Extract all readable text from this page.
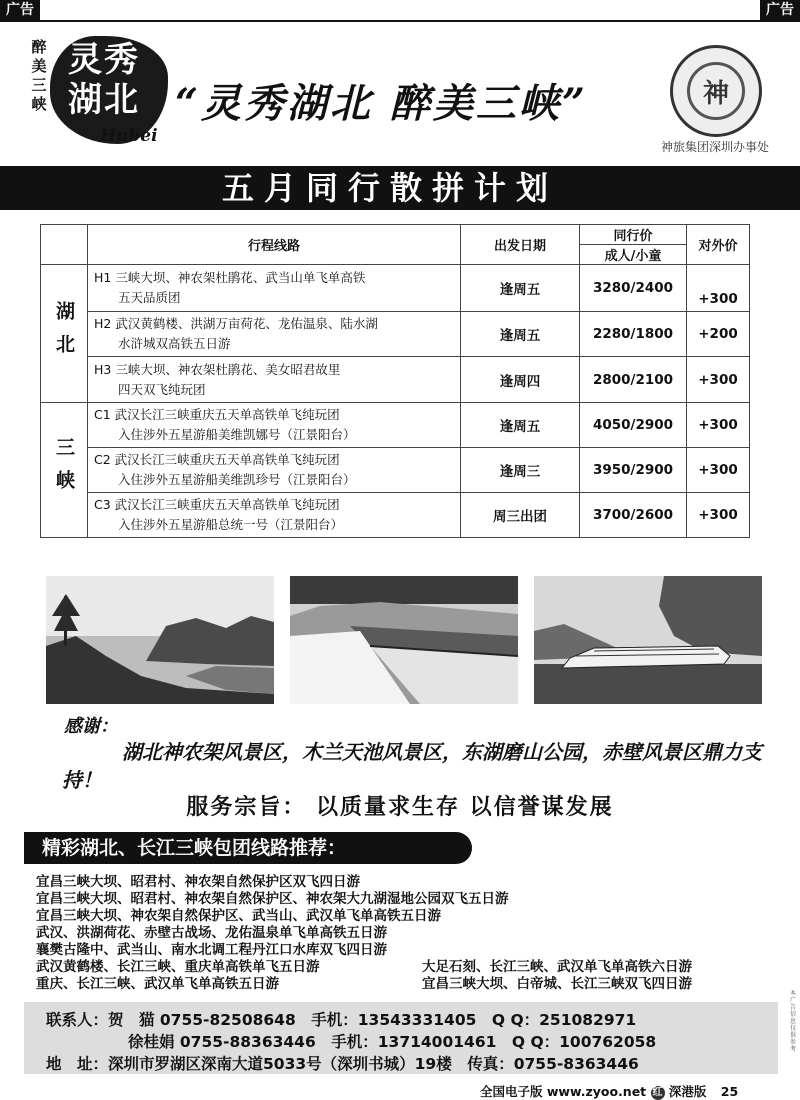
广告	广告
醉
美
三
峡
灵秀
湖北
Hubei
“灵秀湖北 醉美三峡”	神
神旅集团深圳办事处
五月同行散拼计划
	行程线路	出发日期	同行价	对外价
			成人/小童	

湖北	H1 三峡大坝、神农架杜鹃花、武当山单飞单高铁
五天品质团	逢周五	3280/2400	+300
	H2 武汉黄鹤楼、洪湖万亩荷花、龙佑温泉、陆水湖
水浒城双高铁五日游	逢周五	2280/1800	+200
	H3 三峡大坝、神农架杜鹃花、美女昭君故里
四天双飞纯玩团	逢周四	2800/2100	+300

三峡	C1 武汉长江三峡重庆五天单高铁单飞纯玩团
入住涉外五星游船美维凯娜号（江景阳台）	逢周五	4050/2900	+300
	C2 武汉长江三峡重庆五天单高铁单飞纯玩团
入住涉外五星游船美维凯珍号（江景阳台）	逢周三	3950/2900	+300
	C3 武汉长江三峡重庆五天单高铁单飞纯玩团
入住涉外五星游船总统一号（江景阳台）	周三出团	3700/2600	+300
感谢：
湖北神农架风景区，木兰天池风景区，东湖磨山公园，赤壁风景区鼎力支持！
服务宗旨： 以质量求生存 以信誉谋发展
精彩湖北、长江三峡包团线路推荐：
宜昌三峡大坝、昭君村、神农架自然保护区双飞四日游
宜昌三峡大坝、昭君村、神农架自然保护区、神农架大九湖湿地公园双飞五日游
宜昌三峡大坝、神农架自然保护区、武当山、武汉单飞单高铁五日游
武汉、洪湖荷花、赤壁古战场、龙佑温泉单飞单高铁五日游
襄樊古隆中、武当山、南水北调工程丹江口水库双飞四日游
武汉黄鹤楼、长江三峡、重庆单高铁单飞五日游	大足石刻、长江三峡、武汉单飞单高铁六日游
重庆、长江三峡、武汉单飞单高铁五日游	宜昌三峡大坝、白帝城、长江三峡双飞四日游
联系人：贺　猫 0755-82508648　手机：13543331405　Q Q：251082971
徐桂娟 0755-88363446　手机：13714001461　Q Q：100762058
地　址：深圳市罗湖区深南大道5033号（深圳书城）19楼　传真：0755-8363446
全国电子版 www.zyoo.net 红 深港版 25
本广告信息仅供参考
